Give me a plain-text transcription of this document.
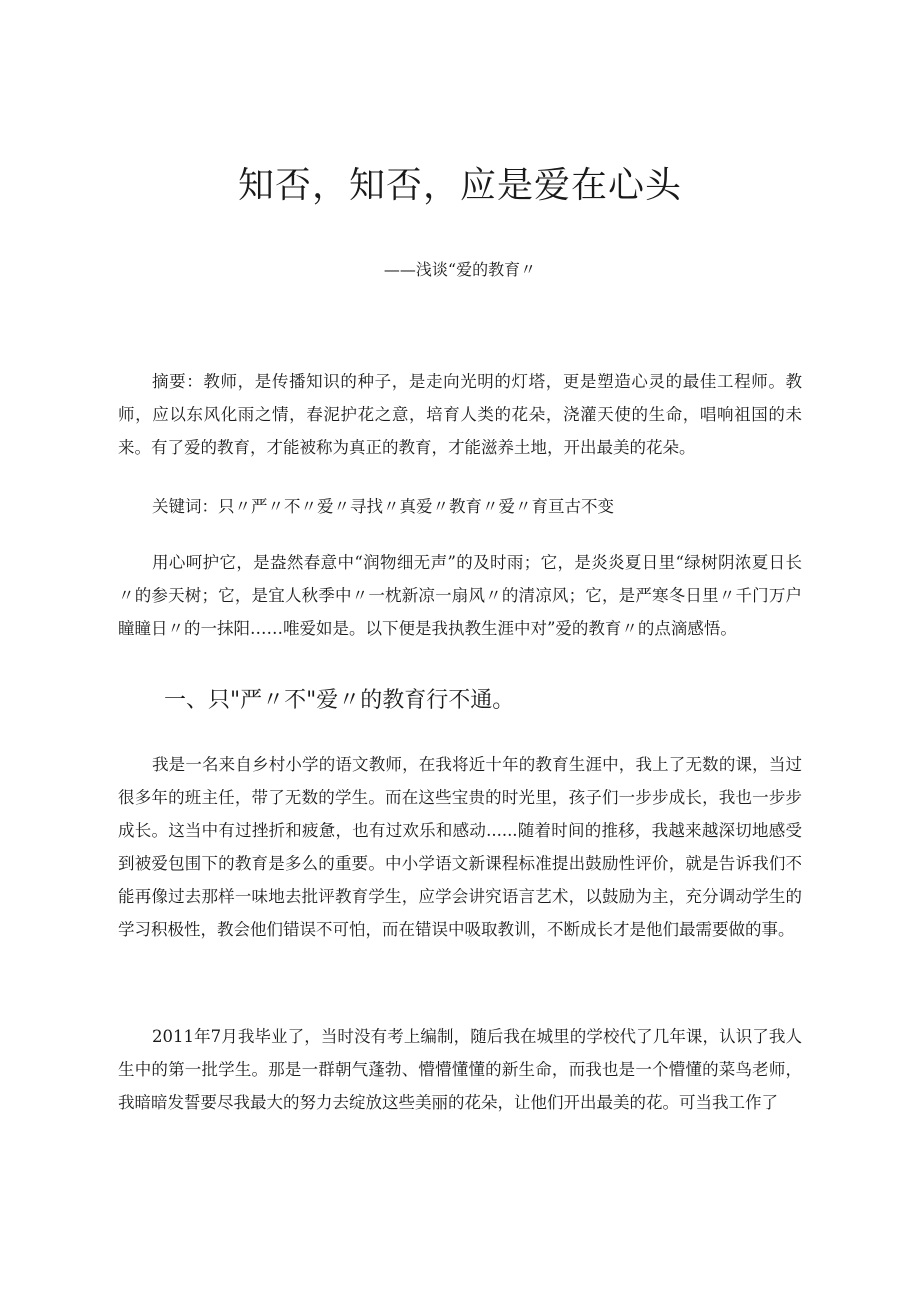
知否，知否，应是爱在心头
——浅谈“爱的教育〃

摘要：教师，是传播知识的种子，是走向光明的灯塔，更是塑造心灵的最佳工程师。教师，应以东风化雨之情，春泥护花之意，培育人类的花朵，浇灌天使的生命，唱响祖国的未来。有了爱的教育，才能被称为真正的教育，才能滋养土地，开出最美的花朵。

关键词：只〃严〃不〃爱〃寻找〃真爱〃教育〃爱〃育亘古不变

用心呵护它，是盎然春意中“润物细无声”的及时雨；它，是炎炎夏日里“绿树阴浓夏日长〃的参天树；它，是宜人秋季中〃一枕新凉一扇风〃的清凉风；它，是严寒冬日里〃千门万户瞳瞳日〃的一抹阳……唯爱如是。以下便是我执教生涯中对”爱的教育〃的点滴感悟。

一、只"严〃不"爱〃的教育行不通。

我是一名来自乡村小学的语文教师，在我将近十年的教育生涯中，我上了无数的课，当过很多年的班主任，带了无数的学生。而在这些宝贵的时光里，孩子们一步步成长，我也一步步成长。这当中有过挫折和疲惫，也有过欢乐和感动......随着时间的推移，我越来越深切地感受到被爱包围下的教育是多么的重要。中小学语文新课程标准提出鼓励性评价，就是告诉我们不能再像过去那样一味地去批评教育学生，应学会讲究语言艺术，以鼓励为主，充分调动学生的学习积极性，教会他们错误不可怕，而在错误中吸取教训，不断成长才是他们最需要做的事。

2011年7月我毕业了，当时没有考上编制，随后我在城里的学校代了几年课，认识了我人生中的第一批学生。那是一群朝气蓬勃、懵懵懂懂的新生命，而我也是一个懵懂的菜鸟老师，我暗暗发誓要尽我最大的努力去绽放这些美丽的花朵，让他们开出最美的花。可当我工作了
